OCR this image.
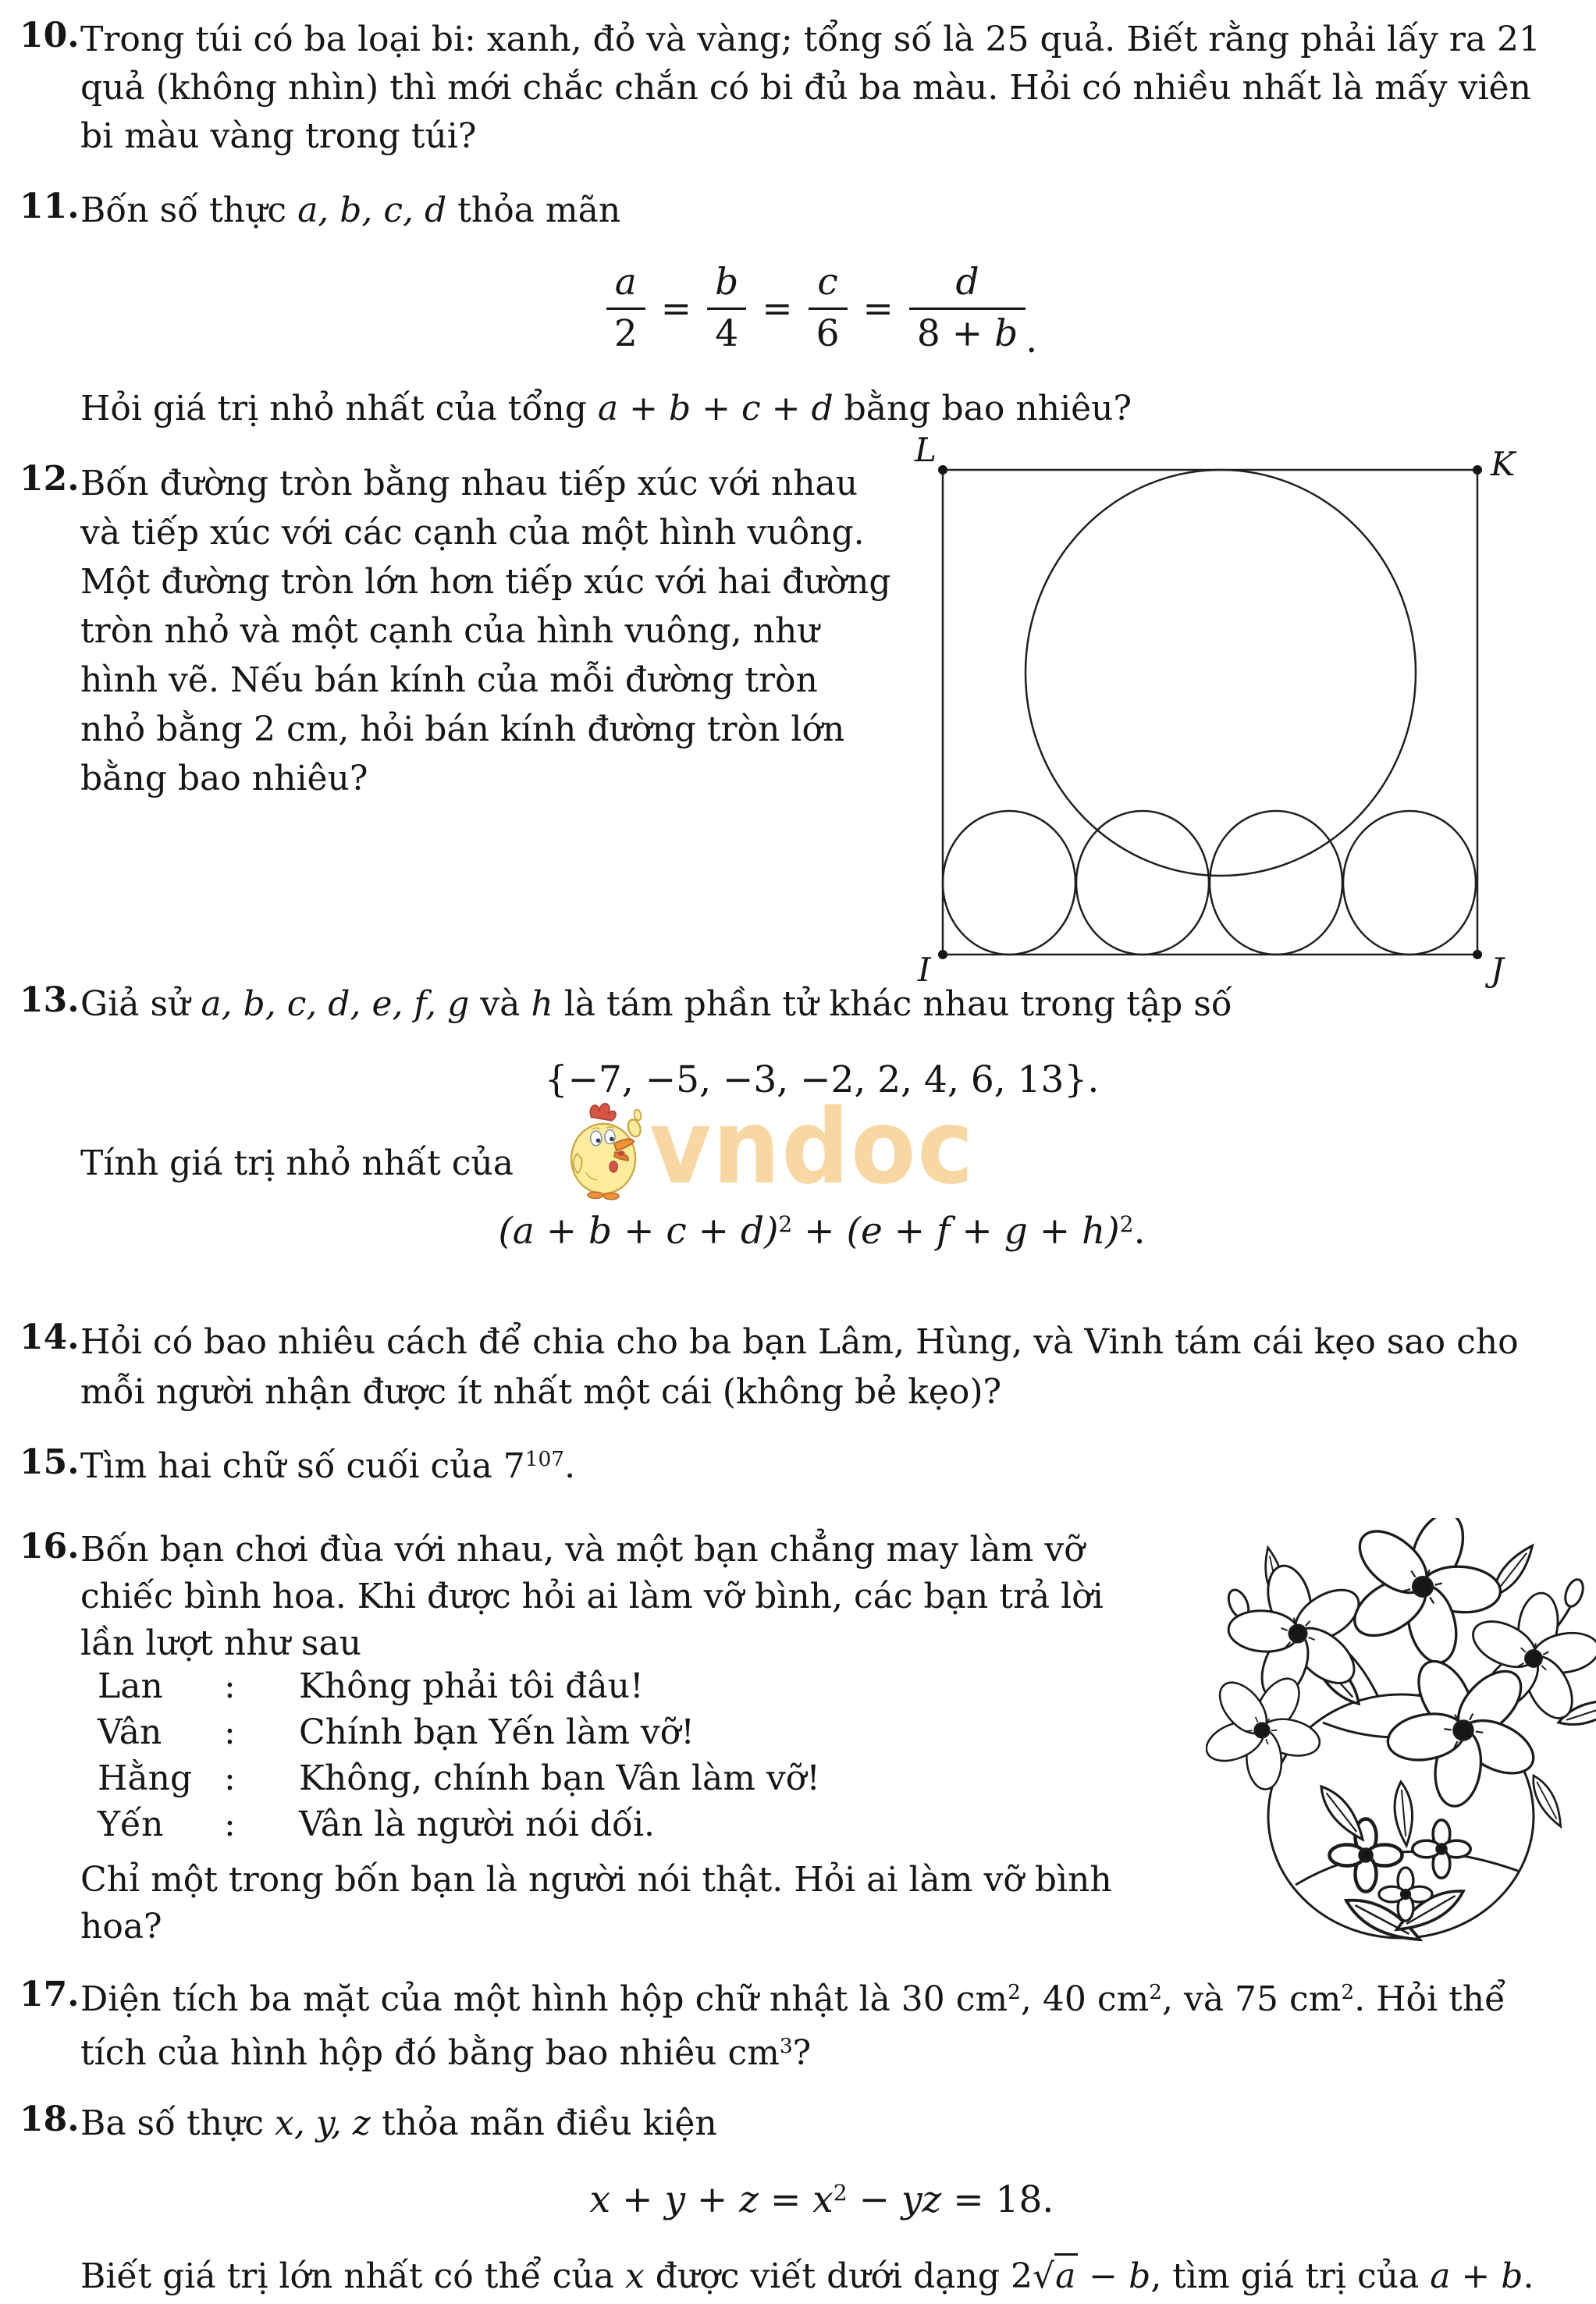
vndoc
10. Trong túi có ba loại bi: xanh, đỏ và vàng; tổng số là 25 quả. Biết rằng phải lấy ra 21
quả (không nhìn) thì mới chắc chắn có bi đủ ba màu. Hỏi có nhiều nhất là mấy viên
bi màu vàng trong túi?
11. Bốn số thực a, b, c, d thỏa mãn
$\frac{a}{2} = \frac{b}{4} = \frac{c}{6} = \frac{d}{8 + b}$ .
Hỏi giá trị nhỏ nhất của tổng a + b + c + d bằng bao nhiêu?
12. Bốn đường tròn bằng nhau tiếp xúc với nhau
và tiếp xúc với các cạnh của một hình vuông.
Một đường tròn lớn hơn tiếp xúc với hai đường
tròn nhỏ và một cạnh của hình vuông, như
hình vẽ. Nếu bán kính của mỗi đường tròn
nhỏ bằng 2 cm, hỏi bán kính đường tròn lớn
bằng bao nhiêu?
13. Giả sử a, b, c, d, e, f, g và h là tám phần tử khác nhau trong tập số
{−7, −5, −3, −2, 2, 4, 6, 13}.
Tính giá trị nhỏ nhất của
$(a + b + c + d)^2 + (e + f + g + h)^2$.
14. Hỏi có bao nhiêu cách để chia cho ba bạn Lâm, Hùng, và Vinh tám cái kẹo sao cho
mỗi người nhận được ít nhất một cái (không bẻ kẹo)?
15. Tìm hai chữ số cuối của $7^{107}$.
16. Bốn bạn chơi đùa với nhau, và một bạn chẳng may làm vỡ
chiếc bình hoa. Khi được hỏi ai làm vỡ bình, các bạn trả lời
lần lượt như sau
Lan : Không phải tôi đâu!
Vân : Chính bạn Yến làm vỡ!
Hằng : Không, chính bạn Vân làm vỡ!
Yến : Vân là người nói dối.
Chỉ một trong bốn bạn là người nói thật. Hỏi ai làm vỡ bình
hoa?
17. Diện tích ba mặt của một hình hộp chữ nhật là 30 $cm^2$, 40 $cm^2$, và 75 $cm^2$. Hỏi thể
tích của hình hộp đó bằng bao nhiêu $cm^3$?
18. Ba số thực x, y, z thỏa mãn điều kiện
$x + y + z = x^2$ − yz = 18.
Biết giá trị lớn nhất có thể của x được viết dưới dạng 2√a − b, tìm giá trị của a + b.
L	K
I	J
